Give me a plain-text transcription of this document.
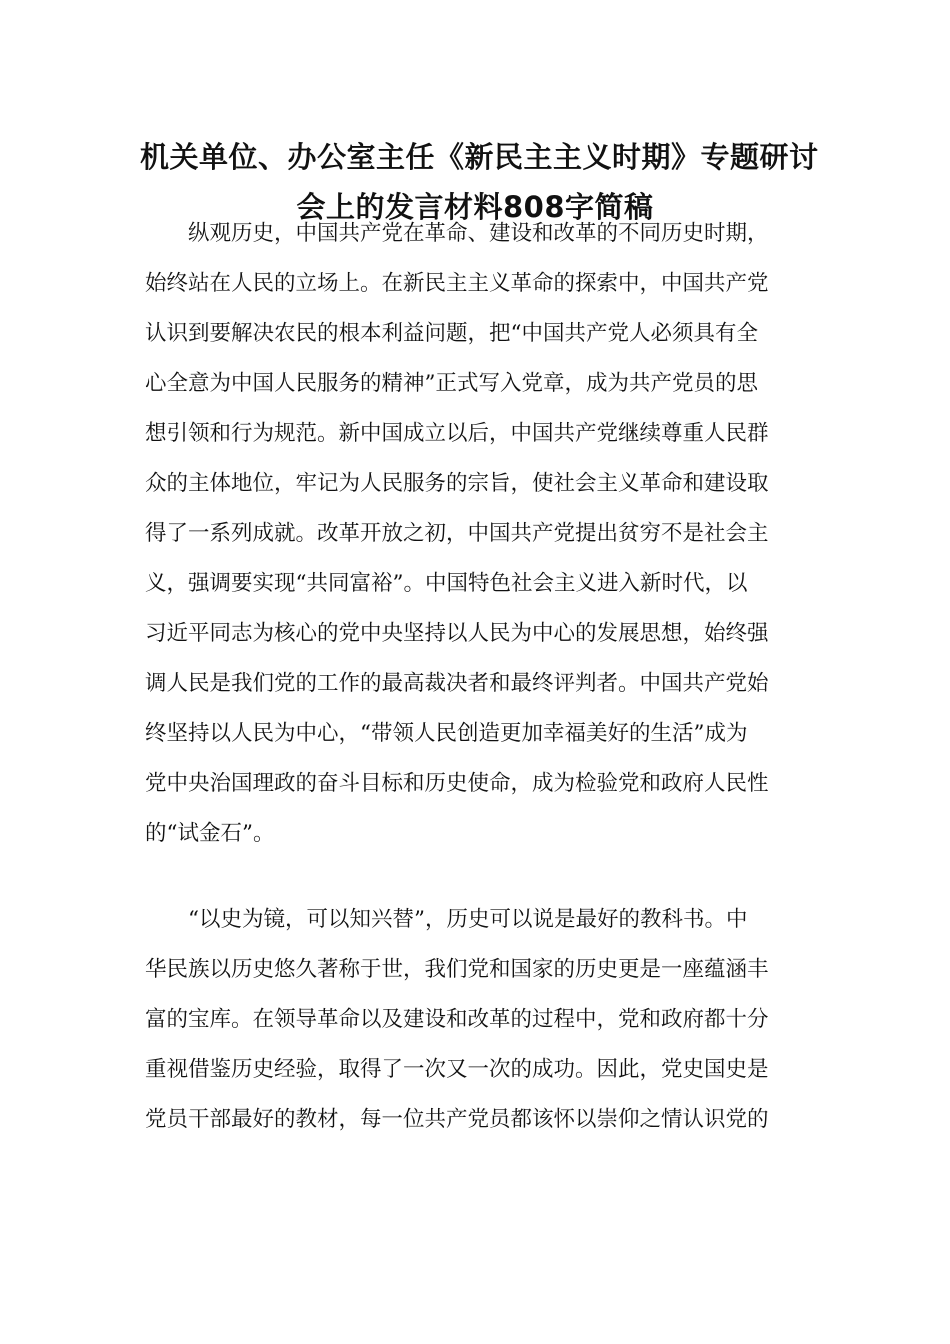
机关单位、办公室主任《新民主主义时期》专题研讨
会上的发言材料808字简稿
纵观历史，中国共产党在革命、建设和改革的不同历史时期，
始终站在人民的立场上。在新民主主义革命的探索中，中国共产党
认识到要解决农民的根本利益问题，把“中国共产党人必须具有全
心全意为中国人民服务的精神”正式写入党章，成为共产党员的思
想引领和行为规范。新中国成立以后，中国共产党继续尊重人民群
众的主体地位，牢记为人民服务的宗旨，使社会主义革命和建设取
得了一系列成就。改革开放之初，中国共产党提出贫穷不是社会主
义，强调要实现“共同富裕”。中国特色社会主义进入新时代，以
习近平同志为核心的党中央坚持以人民为中心的发展思想，始终强
调人民是我们党的工作的最高裁决者和最终评判者。中国共产党始
终坚持以人民为中心，“带领人民创造更加幸福美好的生活”成为
党中央治国理政的奋斗目标和历史使命，成为检验党和政府人民性
的“试金石”。
“以史为镜，可以知兴替”，历史可以说是最好的教科书。中
华民族以历史悠久著称于世，我们党和国家的历史更是一座蕴涵丰
富的宝库。在领导革命以及建设和改革的过程中，党和政府都十分
重视借鉴历史经验，取得了一次又一次的成功。因此，党史国史是
党员干部最好的教材，每一位共产党员都该怀以崇仰之情认识党的
